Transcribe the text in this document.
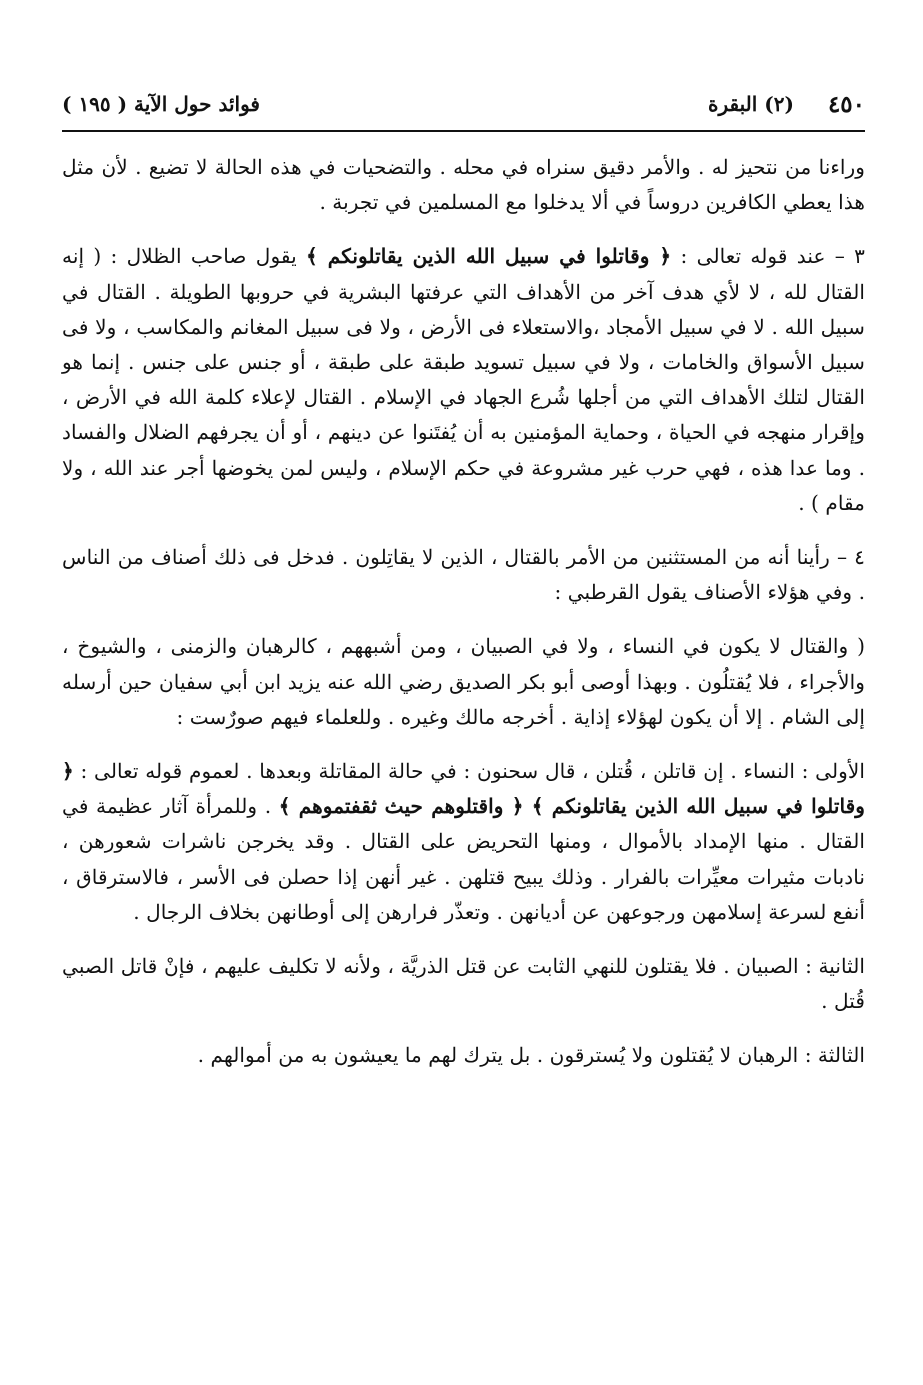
٤٥٠
(٢) البقرة
فوائد حول الآية ( ١٩٥ )

وراءنا من نتحيز له . والأمر دقيق سنراه في محله . والتضحيات في هذه الحالة لا تضيع . لأن مثل هذا يعطي الكافرين دروساً في ألا يدخلوا مع المسلمين في تجربة .

٣ – عند قوله تعالى : ﴿ وقاتلوا في سبيل الله الذين يقاتلونكم ﴾ يقول صاحب الظلال : ( إنه القتال لله ، لا لأي هدف آخر من الأهداف التي عرفتها البشرية في حروبها الطويلة . القتال في سبيل الله . لا في سبيل الأمجاد ،والاستعلاء فى الأرض ، ولا فى سبيل المغانم والمكاسب ، ولا فى سبيل الأسواق والخامات ، ولا في سبيل تسويد طبقة على طبقة ، أو جنس على جنس . إنما هو القتال لتلك الأهداف التي من أجلها شُرع الجهاد في الإسلام . القتال لإعلاء كلمة الله في الأرض ، وإقرار منهجه في الحياة ، وحماية المؤمنين به أن يُفتَنوا عن دينهم ، أو أن يجرفهم الضلال والفساد . وما عدا هذه ، فهي حرب غير مشروعة في حكم الإسلام ، وليس لمن يخوضها أجر عند الله ، ولا مقام ) .

٤ – رأينا أنه من المستثنين من الأمر بالقتال ، الذين لا يقاتِلون . فدخل فى ذلك أصناف من الناس . وفي هؤلاء الأصناف يقول القرطبي :

( والقتال لا يكون في النساء ، ولا في الصبيان ، ومن أشبههم ، كالرهبان والزمنى ، والشيوخ ، والأجراء ، فلا يُقتلُون . وبهذا أوصى أبو بكر الصديق رضي الله عنه يزيد ابن أبي سفيان حين أرسله إلى الشام . إلا أن يكون لهؤلاء إذاية . أخرجه مالك وغيره . وللعلماء فيهم صورٌست :

الأولى : النساء . إن قاتلن ، قُتلن ، قال سحنون : في حالة المقاتلة وبعدها . لعموم قوله تعالى : ﴿ وقاتلوا في سبيل الله الذين يقاتلونكم ﴾ ﴿ واقتلوهم حيث ثقفتموهم ﴾ . وللمرأة آثار عظيمة في القتال . منها الإمداد بالأموال ، ومنها التحريض على القتال . وقد يخرجن ناشرات شعورهن ، نادبات مثيرات معيِّرات بالفرار . وذلك يبيح قتلهن . غير أنهن إذا حصلن فى الأسر ، فالاسترقاق ، أنفع لسرعة إسلامهن ورجوعهن عن أديانهن . وتعذّر فرارهن إلى أوطانهن بخلاف الرجال .

الثانية : الصبيان . فلا يقتلون للنهي الثابت عن قتل الذريَّة ، ولأنه لا تكليف عليهم ، فإنْ قاتل الصبي قُتل .

الثالثة : الرهبان لا يُقتلون ولا يُسترقون . بل يترك لهم ما يعيشون به من أموالهم .
